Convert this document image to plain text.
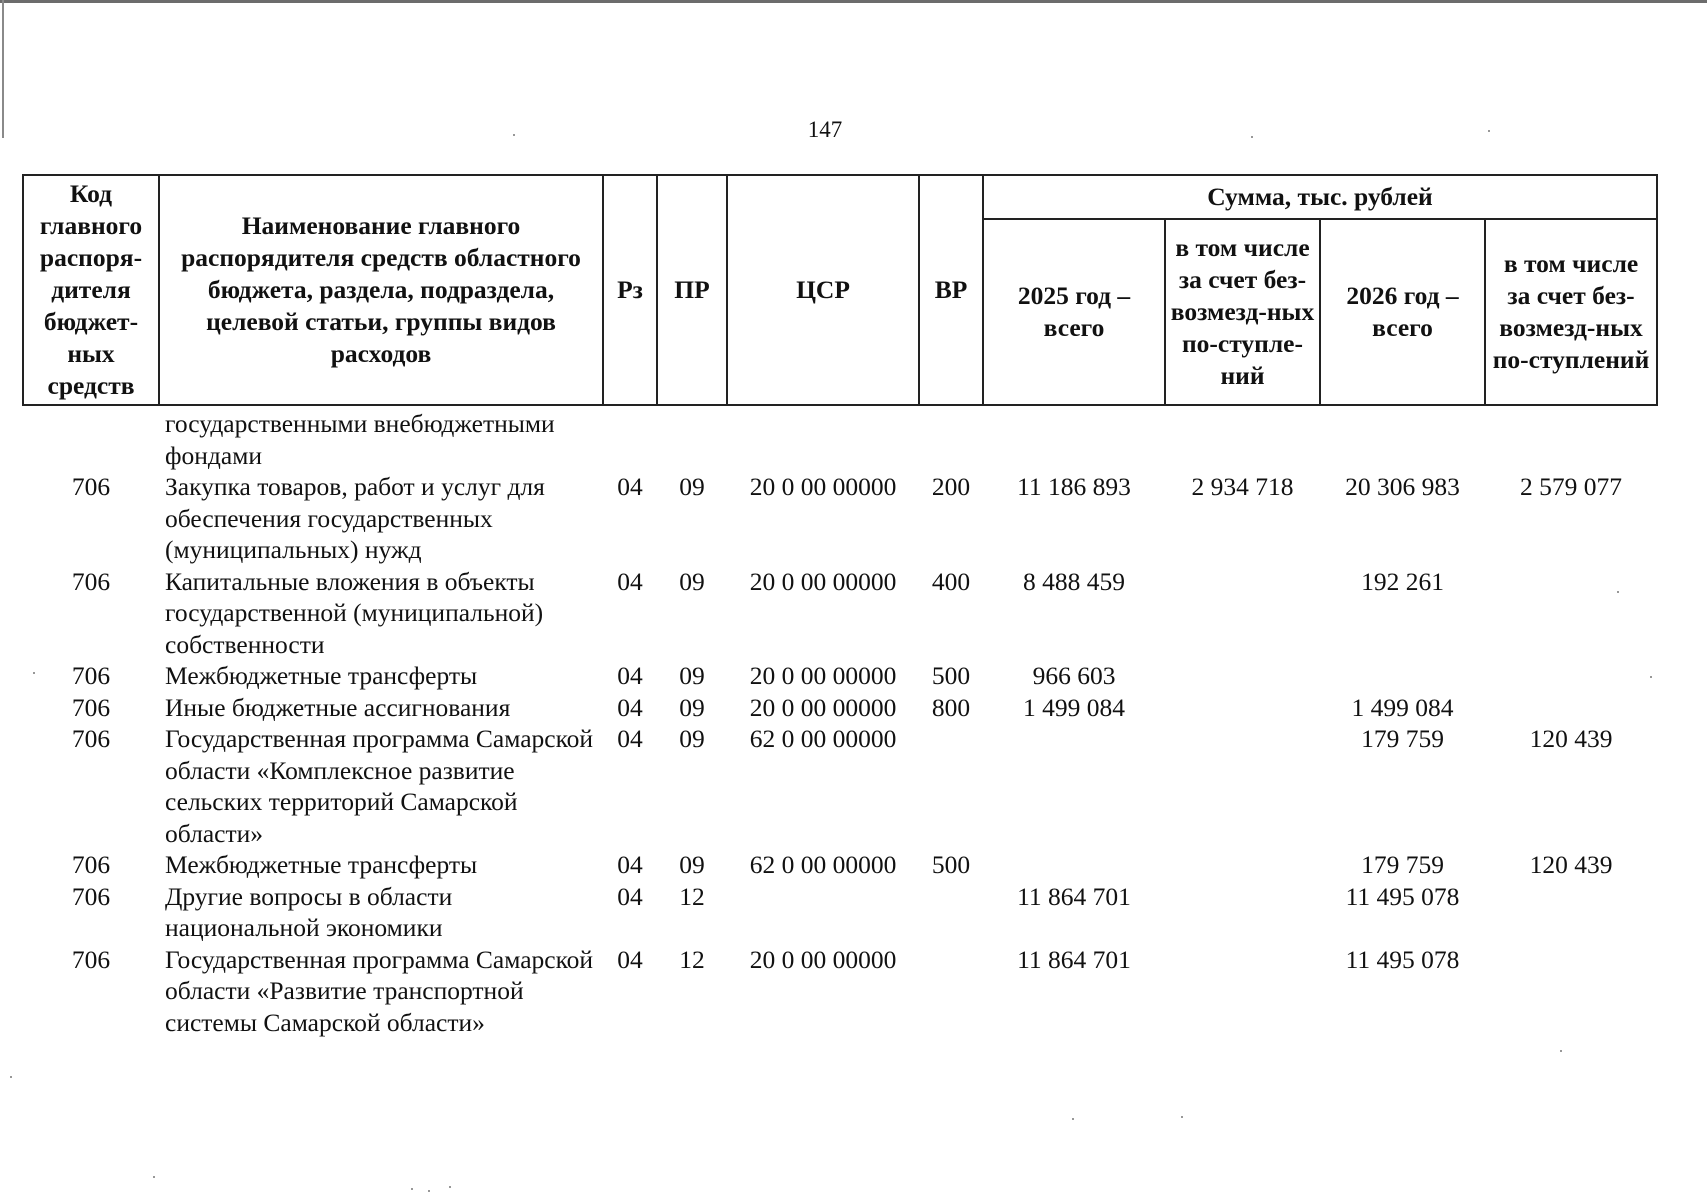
147
Код главного распоря-дителя бюджет-ных средств	Наименование главного распорядителя средств областного бюджета, раздела, подраздела, целевой статьи, группы видов расходов	Рз	ПР	ЦСР	ВР	Сумма, тыс. рублей			
						2025 год – всего	в том числе за счет без-возмезд-ных по-ступле-ний	2026 год – всего	в том числе за счет без-возмезд-ных по-ступлений
	государственными внебюджетными фондами								
706	Закупка товаров, работ и услуг для обеспечения государственных (муниципальных) нужд	04	09	20 0 00 00000	200	11 186 893	2 934 718	20 306 983	2 579 077
706	Капитальные вложения в объекты государственной (муниципальной) собственности	04	09	20 0 00 00000	400	8 488 459		192 261	
706	Межбюджетные трансферты	04	09	20 0 00 00000	500	966 603			
706	Иные бюджетные ассигнования	04	09	20 0 00 00000	800	1 499 084		1 499 084	
706	Государственная программа Самарской области «Комплексное развитие сельских территорий Самарской области»	04	09	62 0 00 00000				179 759	120 439
706	Межбюджетные трансферты	04	09	62 0 00 00000	500			179 759	120 439
706	Другие вопросы в области национальной экономики	04	12			11 864 701		11 495 078	
706	Государственная программа Самарской области «Развитие транспортной системы Самарской области»	04	12	20 0 00 00000		11 864 701		11 495 078	
